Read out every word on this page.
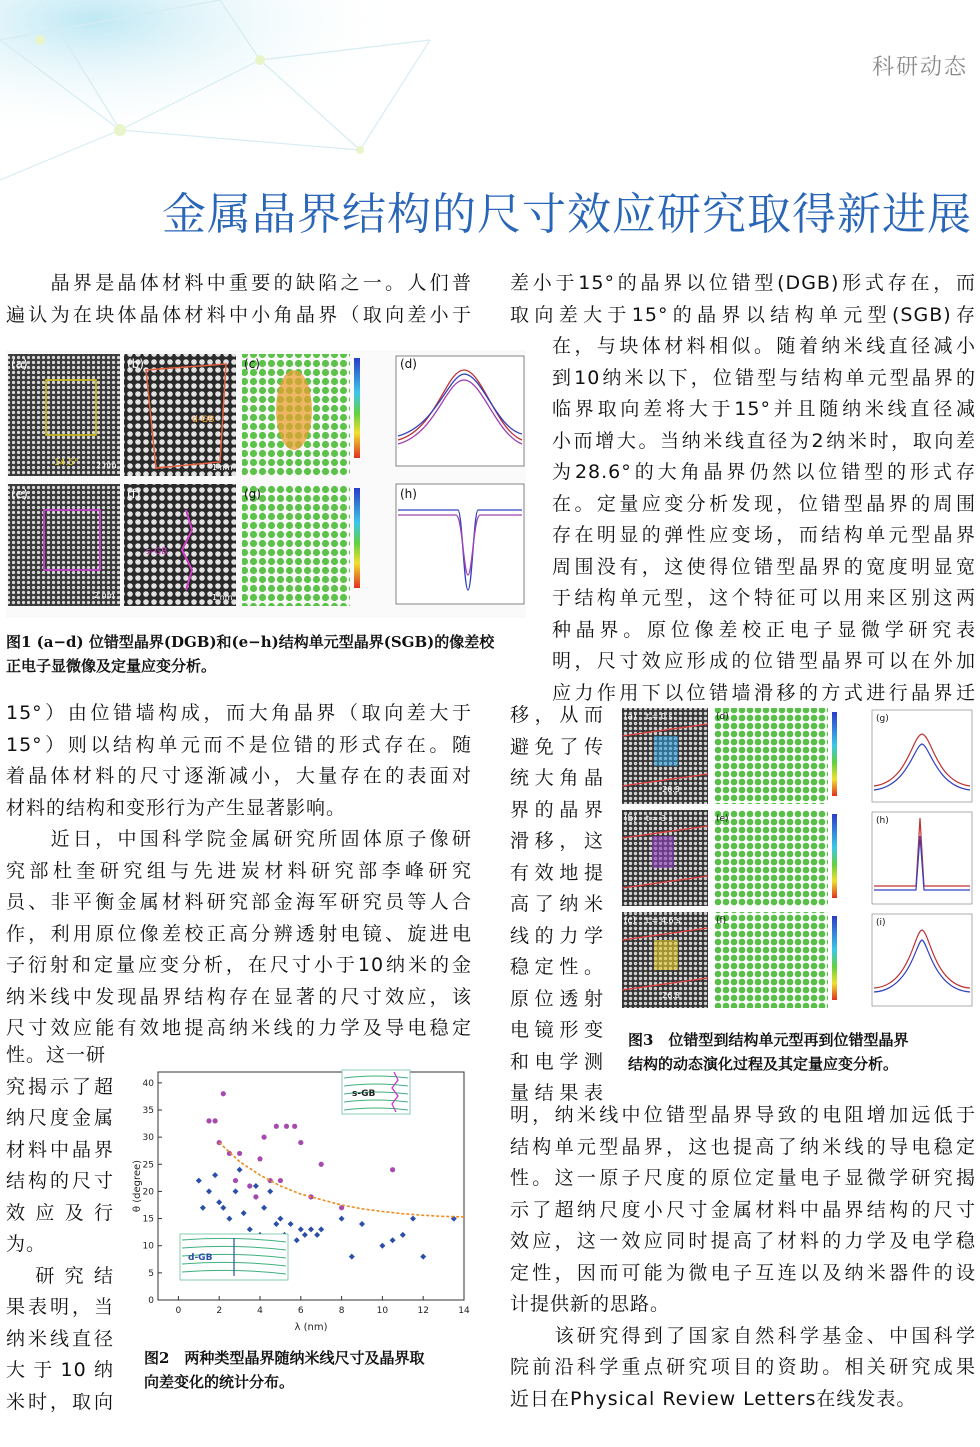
科研动态
金属晶界结构的尺寸效应研究取得新进展

　　晶界是晶体材料中重要的缺陷之一。人们普

遍认为在块体晶体材料中小角晶界（取向差小于

(a)
14.5° 2 nm
(b)
d-GB
1 nm
(c)	(d)
(e)
2 nm
(f)
s-GB
1 nm
(g)	(h)

图1 (a−d) 位错型晶界(DGB)和(e−h)结构单元型晶界(SGB)的像差校

正电子显微像及定量应变分析。

15°）由位错墙构成，而大角晶界（取向差大于

15°）则以结构单元而不是位错的形式存在。随

着晶体材料的尺寸逐渐减小，大量存在的表面对

材料的结构和变形行为产生显著影响。

　　近日，中国科学院金属研究所固体原子像研

究部杜奎研究组与先进炭材料研究部李峰研究

员、非平衡金属材料研究部金海军研究员等人合

作，利用原位像差校正高分辨透射电镜、旋进电

子衍射和定量应变分析，在尺寸小于10纳米的金

纳米线中发现晶界结构存在显著的尺寸效应，该

尺寸效应能有效地提高纳米线的力学及导电稳定

性。这一研

究揭示了超

纳尺度金属

材料中晶界

结构的尺寸

效应及行

为。

　研究结

果表明，当

纳米线直径

大于10纳

米时，取向

0	2	4	6	8	10	12	14
0
5
10
15
20
25
30
35
40
λ (nm)
θ (degree)
s-GB
d-GB

图2　两种类型晶界随纳米线尺寸及晶界取

向差变化的统计分布。

差小于15°的晶界以位错型(DGB)形式存在，而

取向差大于15°的晶界以结构单元型(SGB)存

在，与块体材料相似。随着纳米线直径减小

到10纳米以下，位错型与结构单元型晶界的

临界取向差将大于15°并且随纳米线直径减

小而增大。当纳米线直径为2纳米时，取向差

为28.6°的大角晶界仍然以位错型的形式存

在。定量应变分析发现，位错型晶界的周围

存在明显的弹性应变场，而结构单元型晶界

周围没有，这使得位错型晶界的宽度明显宽

于结构单元型，这个特征可以用来区别这两

种晶界。原位像差校正电子显微学研究表

明，尺寸效应形成的位错型晶界可以在外加

应力作用下以位错墙滑移的方式进行晶界迁

移，从而

避免了传

统大角晶

界的晶界

滑移，这

有效地提

高了纳米

线的力学

稳定性。

原位透射

电镜形变

和电学测

量结果表

(a) t = 0 s
26.3
(d)	(g)
(b) t = 3 s	(e)	(h)
(c) t = 4.6 s
26.8
(f)	(i)

图3　位错型到结构单元型再到位错型晶界

结构的动态演化过程及其定量应变分析。

明，纳米线中位错型晶界导致的电阻增加远低于

结构单元型晶界，这也提高了纳米线的导电稳定

性。这一原子尺度的原位定量电子显微学研究揭

示了超纳尺度小尺寸金属材料中晶界结构的尺寸

效应，这一效应同时提高了材料的力学及电学稳

定性，因而可能为微电子互连以及纳米器件的设

计提供新的思路。

　　该研究得到了国家自然科学基金、中国科学

院前沿科学重点研究项目的资助。相关研究成果

近日在Physical Review Letters在线发表。
